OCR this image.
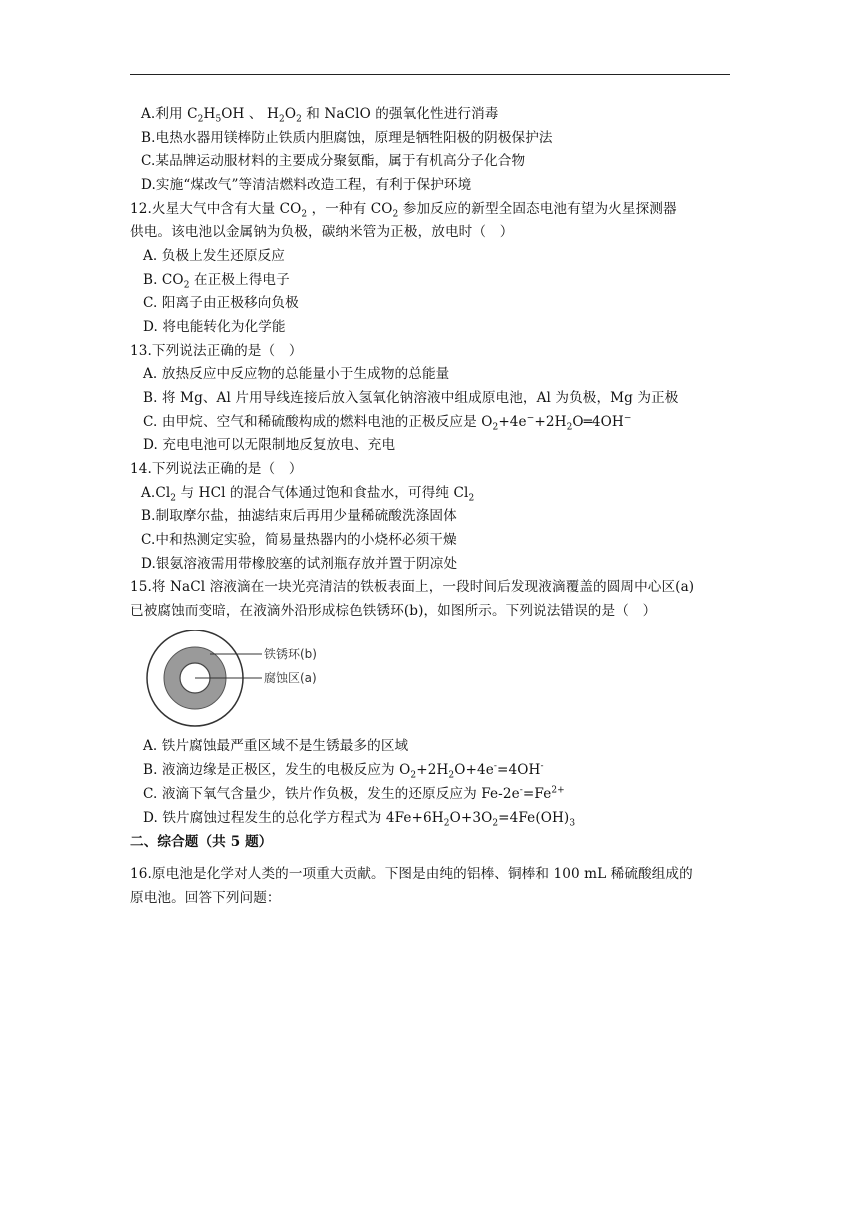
A.利用 $C_2H_5OH$ 、 $H_2O_2$ 和 NaClO 的强氧化性进行消毒
B.电热水器用镁棒防止铁质内胆腐蚀，原理是牺牲阳极的阴极保护法
C.某品牌运动服材料的主要成分聚氨酯，属于有机高分子化合物
D.实施“煤改气”等清洁燃料改造工程，有利于保护环境
12.火星大气中含有大量 $CO_2$ ，一种有 $CO_2$ 参加反应的新型全固态电池有望为火星探测器
供电。该电池以金属钠为负极，碳纳米管为正极，放电时（　）
A. 负极上发生还原反应
B. $CO_2$ 在正极上得电子
C. 阳离子由正极移向负极
D. 将电能转化为化学能
13.下列说法正确的是（　）
A. 放热反应中反应物的总能量小于生成物的总能量
B. 将 Mg、Al 片用导线连接后放入氢氧化钠溶液中组成原电池，Al 为负极，Mg 为正极
C. 由甲烷、空气和稀硫酸构成的燃料电池的正极反应是 $O_2+4e^-+2H_2O═4OH^-$
D. 充电电池可以无限制地反复放电、充电
14.下列说法正确的是（　）
$A.Cl_2$ 与 HCl 的混合气体通过饱和食盐水，可得纯 $Cl_2$
B.制取摩尔盐，抽滤结束后再用少量稀硫酸洗涤固体
C.中和热测定实验，简易量热器内的小烧杯必须干燥
D.银氨溶液需用带橡胶塞的试剂瓶存放并置于阴凉处
15.将 NaCl 溶液滴在一块光亮清洁的铁板表面上，一段时间后发现液滴覆盖的圆周中心区(a)
已被腐蚀而变暗，在液滴外沿形成棕色铁锈环(b)，如图所示。下列说法错误的是（　）
铁锈环(b)
腐蚀区(a)
A. 铁片腐蚀最严重区域不是生锈最多的区域
B. 液滴边缘是正极区，发生的电极反应为 $O_2+2H_2O+4e^-=4OH^-$
C. 液滴下氧气含量少，铁片作负极，发生的还原反应为 $Fe-2e^-=Fe^{2+}$
D. 铁片腐蚀过程发生的总化学方程式为 $4Fe+6H_2O+3O_2=4Fe(OH)_3$
二、综合题（共 5 题）
16.原电池是化学对人类的一项重大贡献。下图是由纯的铝棒、铜棒和 100 mL 稀硫酸组成的
原电池。回答下列问题：
